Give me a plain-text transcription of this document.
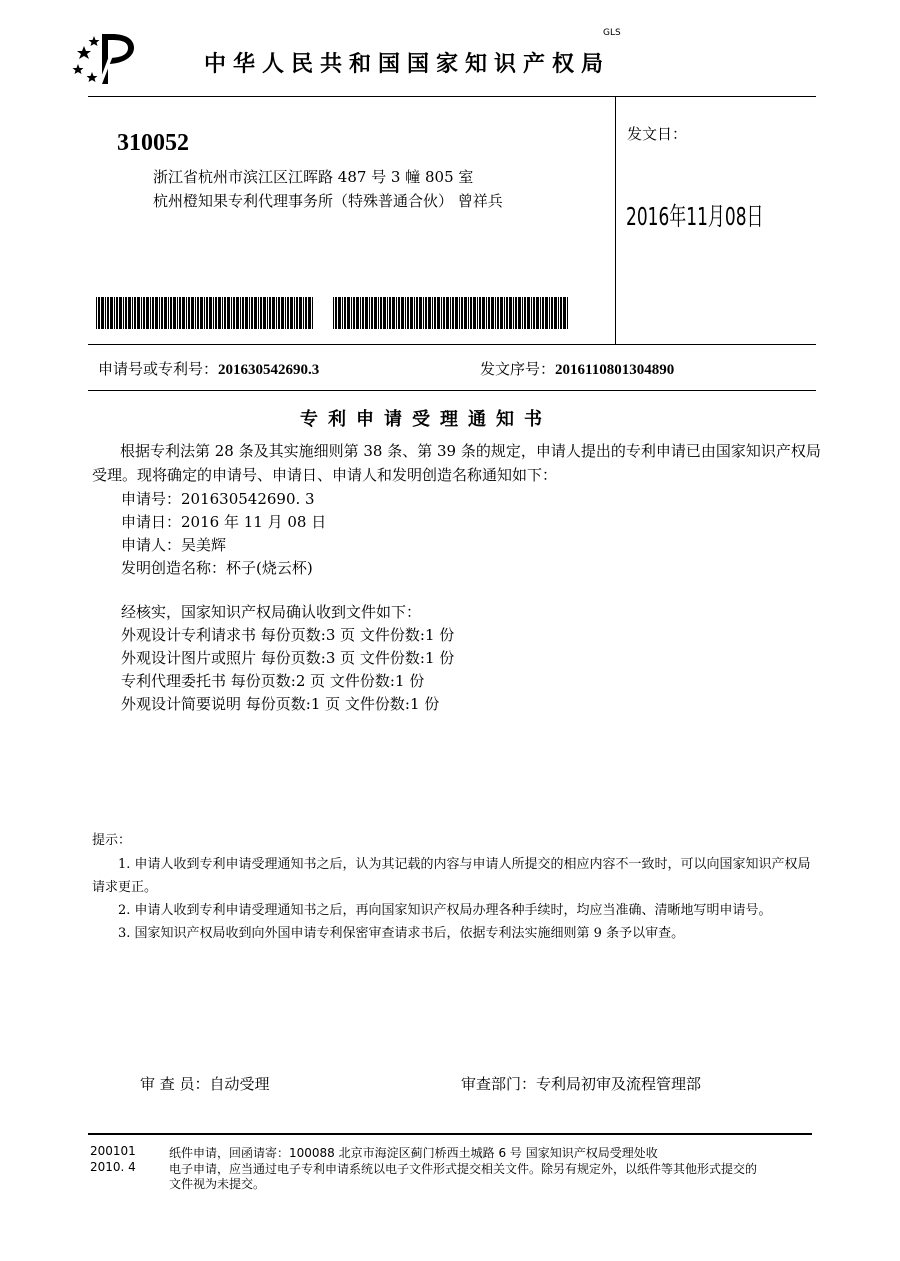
中华人民共和国国家知识产权局
GLS
310052
浙江省杭州市滨江区江晖路 487 号 3 幢 805 室
杭州橙知果专利代理事务所（特殊普通合伙） 曾祥兵
发文日：
2016年11月08日
申请号或专利号：201630542690.3	发文序号：2016110801304890
专利申请受理通知书
根据专利法第 28 条及其实施细则第 38 条、第 39 条的规定，申请人提出的专利申请已由国家知识产权局
受理。现将确定的申请号、申请日、申请人和发明创造名称通知如下：
申请号：201630542690. 3
申请日：2016 年 11 月 08 日
申请人：吴美辉
发明创造名称：杯子(烧云杯)
经核实，国家知识产权局确认收到文件如下：
外观设计专利请求书 每份页数:3 页 文件份数:1 份
外观设计图片或照片 每份页数:3 页 文件份数:1 份
专利代理委托书 每份页数:2 页 文件份数:1 份
外观设计简要说明 每份页数:1 页 文件份数:1 份
提示：
1. 申请人收到专利申请受理通知书之后，认为其记载的内容与申请人所提交的相应内容不一致时，可以向国家知识产权局
请求更正。
2. 申请人收到专利申请受理通知书之后，再向国家知识产权局办理各种手续时，均应当准确、清晰地写明申请号。
3. 国家知识产权局收到向外国申请专利保密审查请求书后，依据专利法实施细则第 9 条予以审查。
审 查 员：自动受理	审查部门：专利局初审及流程管理部
200101
2010. 4
纸件申请，回函请寄：100088 北京市海淀区蓟门桥西土城路 6 号 国家知识产权局受理处收
电子申请，应当通过电子专利申请系统以电子文件形式提交相关文件。除另有规定外，以纸件等其他形式提交的
文件视为未提交。
